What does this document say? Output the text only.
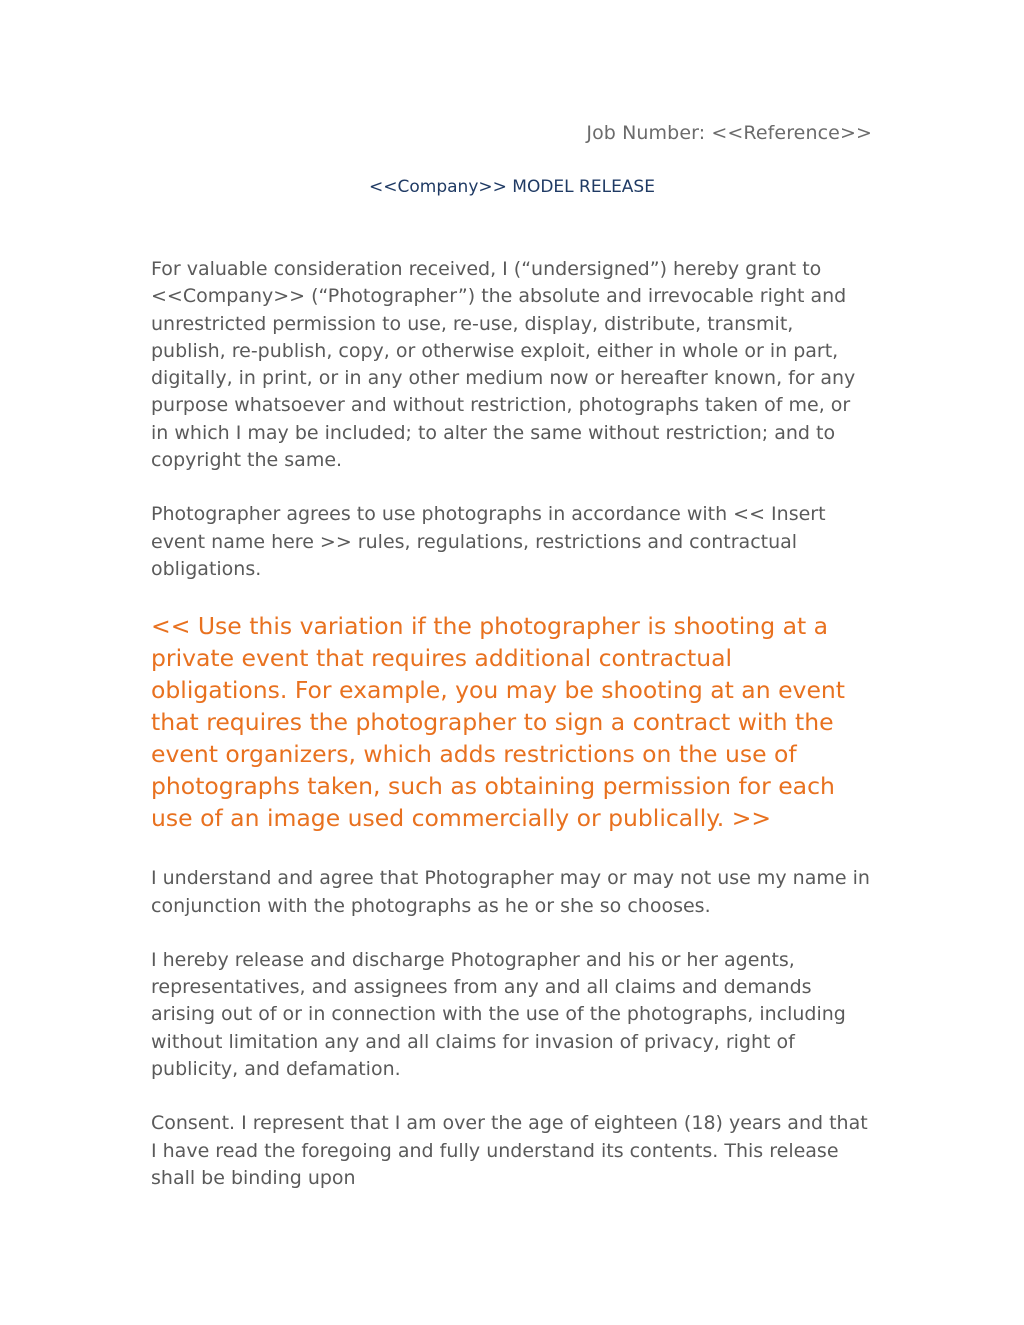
Job Number: <<Reference>>
<<Company>> MODEL RELEASE

For valuable consideration received, I (“undersigned”) hereby grant to <<Company>> (“Photographer”) the absolute and irrevocable right and unrestricted permission to use, re-use, display, distribute, transmit, publish, re-publish, copy, or otherwise exploit, either in whole or in part, digitally, in print, or in any other medium now or hereafter known, for any purpose whatsoever and without restriction, photographs taken of me, or in which I may be included; to alter the same without restriction; and to copyright the same.

Photographer agrees to use photographs in accordance with << Insert event name here >> rules, regulations, restrictions and contractual obligations.

<< Use this variation if the photographer is shooting at a private event that requires additional contractual obligations. For example, you may be shooting at an event that requires the photographer to sign a contract with the event organizers, which adds restrictions on the use of photographs taken, such as obtaining permission for each use of an image used commercially or publically. >>

I understand and agree that Photographer may or may not use my name in conjunction with the photographs as he or she so chooses.

I hereby release and discharge Photographer and his or her agents, representatives, and assignees from any and all claims and demands arising out of or in connection with the use of the photographs, including without limitation any and all claims for invasion of privacy, right of publicity, and defamation.

Consent. I represent that I am over the age of eighteen (18) years and that I have read the foregoing and fully understand its contents. This release shall be binding upon
